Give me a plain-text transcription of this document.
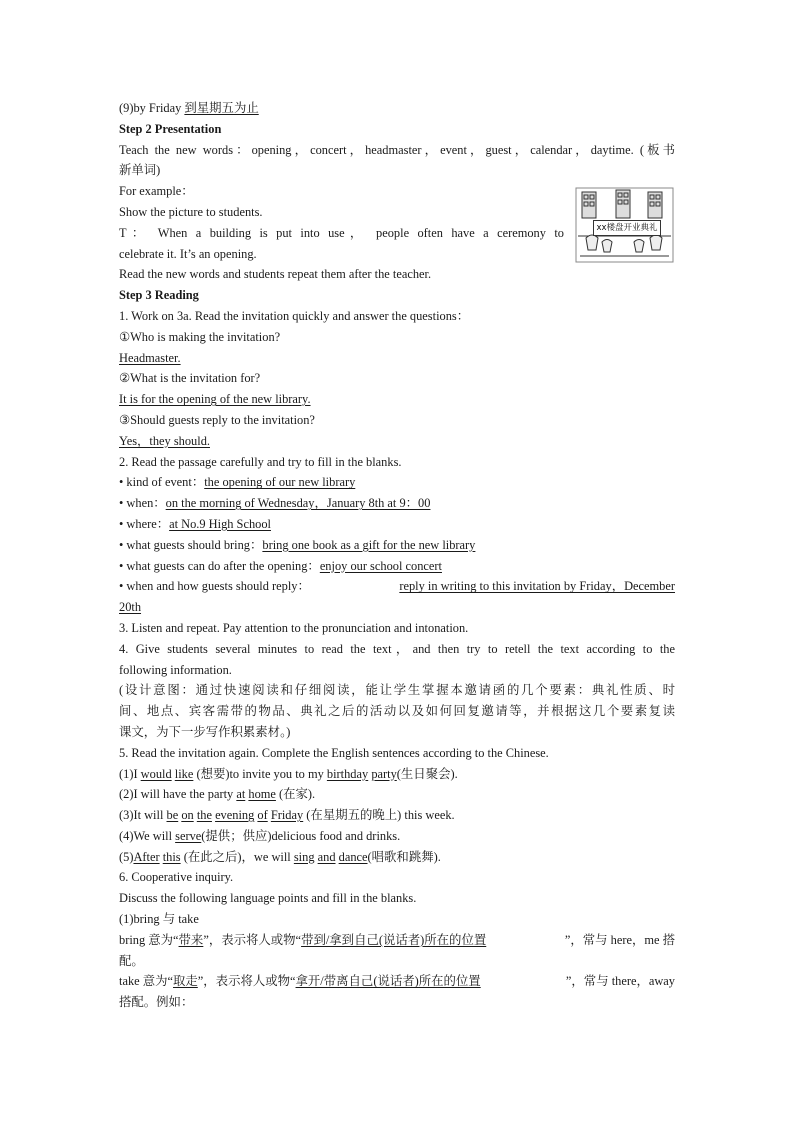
(9)by Friday 到星期五为止
Step 2 Presentation
Teach the new words：opening，concert，headmaster，event，guest，calendar，daytime. (板书
新单词)
For example：
Show the picture to students.
T： When a building is put into use， people often have a ceremony to
celebrate it. It’s an opening.
Read the new words and students repeat them after the teacher.
Step 3 Reading
1. Work on 3a. Read the invitation quickly and answer the questions：
①Who is making the invitation?
Headmaster.
②What is the invitation for?
It is for the opening of the new library.
③Should guests reply to the invitation?
Yes，they should.
2. Read the passage carefully and try to fill in the blanks.
• kind of event：the opening of our new library
• when：on the morning of Wednesday，January 8th at 9：00
• where：at No.9 High School
• what guests should bring：bring one book as a gift for the new library
• what guests can do after the opening：enjoy our school concert
• when and how guests should reply：	reply in writing to this invitation by Friday，December
20th
3. Listen and repeat. Pay attention to the pronunciation and intonation.
4. Give students several minutes to read the text，and then try to retell the text according to the
following information.
(设计意图：通过快速阅读和仔细阅读，能让学生掌握本邀请函的几个要素：典礼性质、时
间、地点、宾客需带的物品、典礼之后的活动以及如何回复邀请等，并根据这几个要素复读
课文，为下一步写作积累素材。)
5. Read the invitation again. Complete the English sentences according to the Chinese.
(1)I would like (想要)to invite you to my birthday party(生日聚会).
(2)I will have the party at home (在家).
(3)It will be on the evening of Friday (在星期五的晚上) this week.
(4)We will serve(提供；供应)delicious food and drinks.
(5)After this (在此之后)，we will sing and dance(唱歌和跳舞).
6. Cooperative inquiry.
Discuss the following language points and fill in the blanks.
(1)bring 与 take
bring 意为“ 带来 ”，表示将人或物“ 带到/拿到自己(说话者)所在的位置	”，常与 here，me 搭
配。
take 意为“ 取走 ”，表示将人或物“ 拿开/带离自己(说话者)所在的位置	”，常与 there，away
搭配。例如：
xx楼盘开业典礼
